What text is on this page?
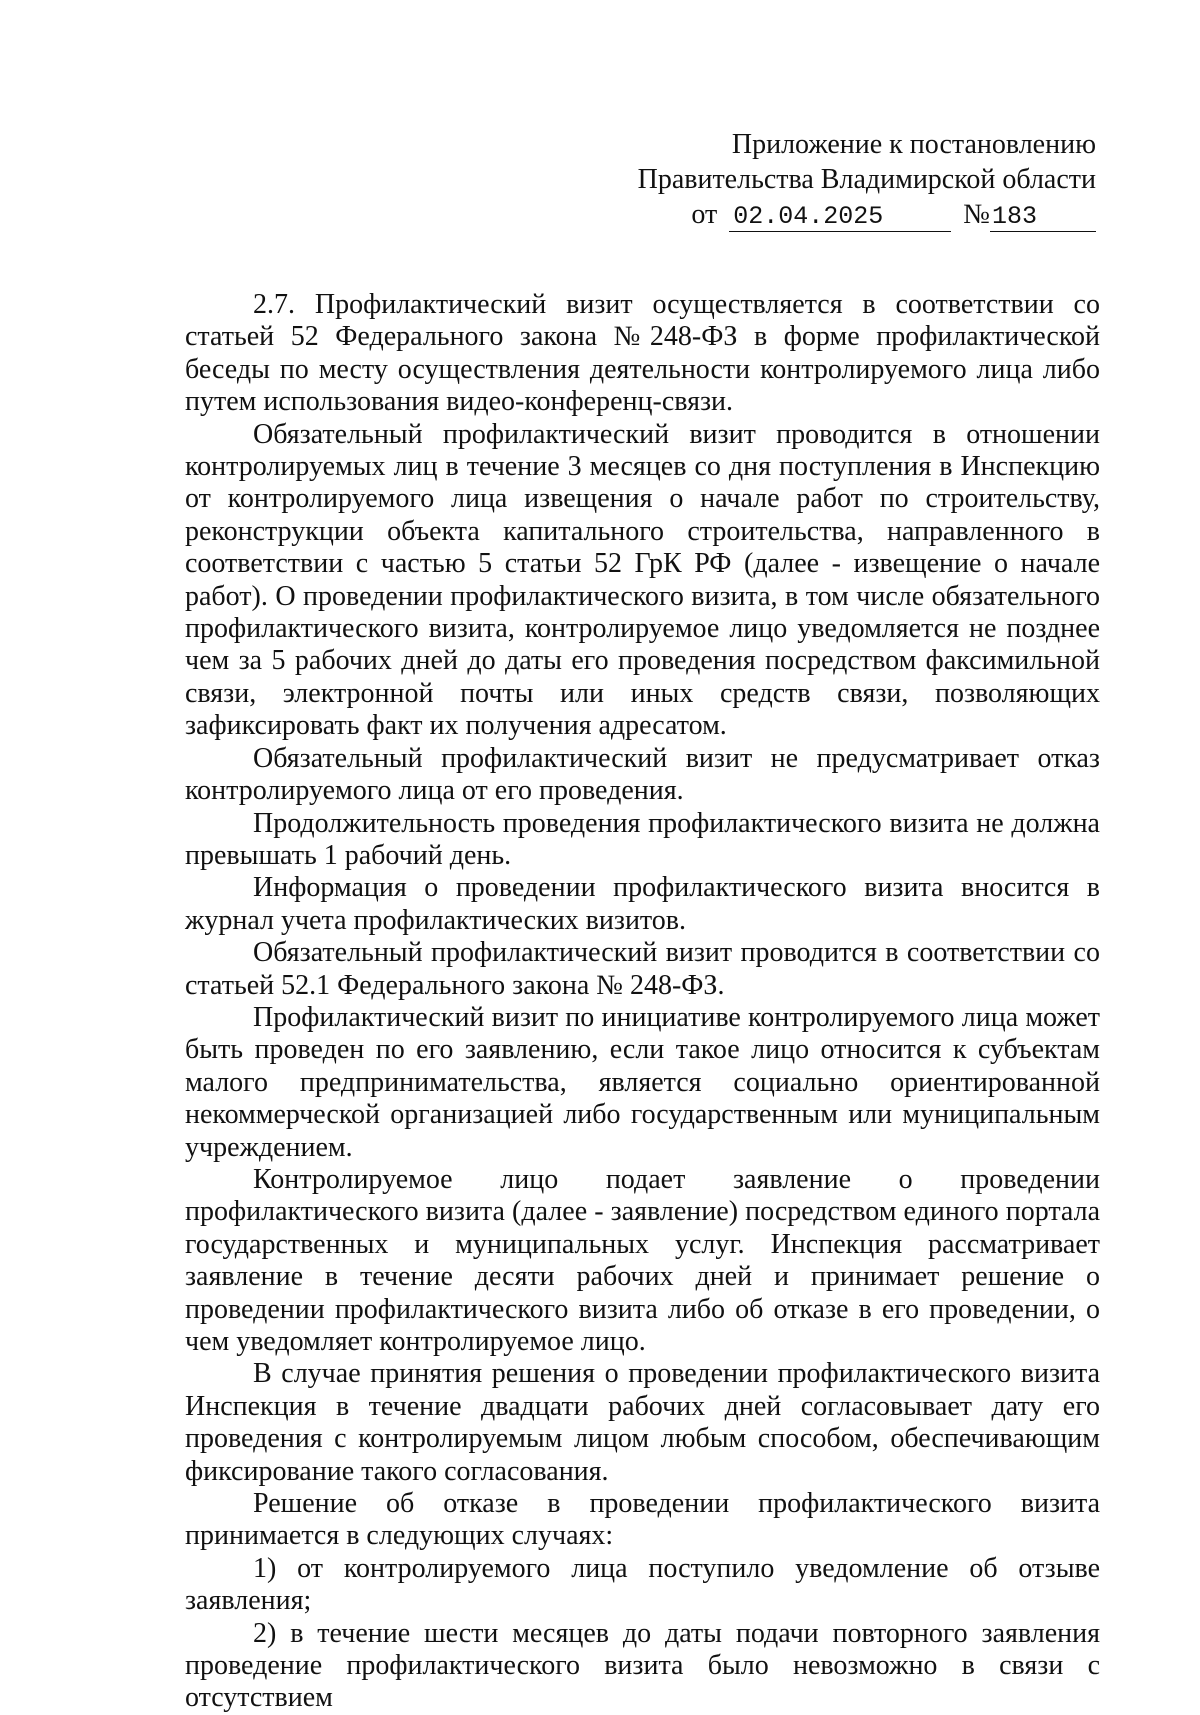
Приложение к постановлению
Правительства Владимирской области
от 02.04.2025	№183

2.7. Профилактический визит осуществляется в соответствии со статьей 52 Федерального закона №248-ФЗ в форме профилактической беседы по месту осуществления деятельности контролируемого лица либо путем использования видео-конференц-связи.

Обязательный профилактический визит проводится в отношении контролируемых лиц в течение 3 месяцев со дня поступления в Инспекцию от контролируемого лица извещения о начале работ по строительству, реконструкции объекта капитального строительства, направленного в соответствии с частью 5 статьи 52 ГрК РФ (далее - извещение о начале работ). О проведении профилактического визита, в том числе обязательного профилактического визита, контролируемое лицо уведомляется не позднее чем за 5 рабочих дней до даты его проведения посредством факсимильной связи, электронной почты или иных средств связи, позволяющих зафиксировать факт их получения адресатом.

Обязательный профилактический визит не предусматривает отказ контролируемого лица от его проведения.

Продолжительность проведения профилактического визита не должна превышать 1 рабочий день.

Информация о проведении профилактического визита вносится в журнал учета профилактических визитов.

Обязательный профилактический визит проводится в соответствии со статьей 52.1 Федерального закона № 248-ФЗ.

Профилактический визит по инициативе контролируемого лица может быть проведен по его заявлению, если такое лицо относится к субъектам малого предпринимательства, является социально ориентированной некоммерческой организацией либо государственным или муниципальным учреждением.

Контролируемое лицо подает заявление о проведении профилактического визита (далее - заявление) посредством единого портала государственных и муниципальных услуг. Инспекция рассматривает заявление в течение десяти рабочих дней и принимает решение о проведении профилактического визита либо об отказе в его проведении, о чем уведомляет контролируемое лицо.

В случае принятия решения о проведении профилактического визита Инспекция в течение двадцати рабочих дней согласовывает дату его проведения с контролируемым лицом любым способом, обеспечивающим фиксирование такого согласования.

Решение об отказе в проведении профилактического визита принимается в следующих случаях:

1) от контролируемого лица поступило уведомление об отзыве заявления;

2) в течение шести месяцев до даты подачи повторного заявления проведение профилактического визита было невозможно в связи с отсутствием
